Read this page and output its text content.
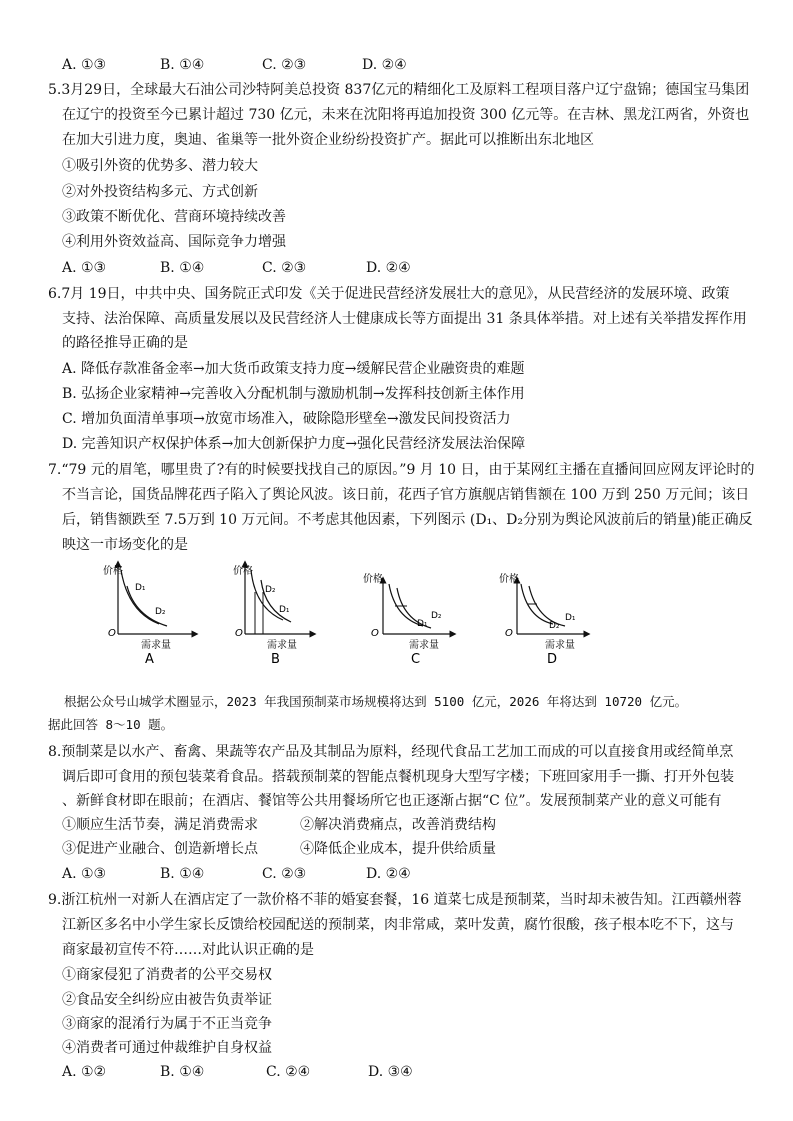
A. ①③	B. ①④	C. ②③	D. ②④
5.3月29日，全球最大石油公司沙特阿美总投资 837亿元的精细化工及原料工程项目落户辽宁盘锦；德国宝马集团
在辽宁的投资至今已累计超过 730 亿元，未来在沈阳将再追加投资 300 亿元等。在吉林、黑龙江两省，外资也
在加大引进力度，奥迪、雀巢等一批外资企业纷纷投资扩产。据此可以推断出东北地区
①吸引外资的优势多、潜力较大
②对外投资结构多元、方式创新
③政策不断优化、营商环境持续改善
④利用外资效益高、国际竞争力增强
A. ①③	B. ①④	C. ②③	D. ②④
6.7月 19日，中共中央、国务院正式印发《关于促进民营经济发展壮大的意见》，从民营经济的发展环境、政策
支持、法治保障、高质量发展以及民营经济人士健康成长等方面提出 31 条具体举措。对上述有关举措发挥作用
的路径推导正确的是
A. 降低存款准备金率→加大货币政策支持力度→缓解民营企业融资贵的难题
B. 弘扬企业家精神→完善收入分配机制与激励机制→发挥科技创新主体作用
C. 增加负面清单事项→放宽市场准入，破除隐形壁垒→激发民间投资活力
D. 完善知识产权保护体系→加大创新保护力度→强化民营经济发展法治保障
7.“79 元的眉笔，哪里贵了?有的时候要找找自己的原因。”9 月 10 日，由于某网红主播在直播间回应网友评论时的
不当言论，国货品牌花西子陷入了舆论风波。该日前，花西子官方旗舰店销售额在 100 万到 250 万元间；该日
后，销售额跌至 7.5万到 10 万元间。不考虑其他因素，下列图示 (D₁、D₂分别为舆论风波前后的销量)能正确反
映这一市场变化的是
价格
O
需求量
D₁
D₂
A
价格
O
需求量
D₂
D₁
B
价格
O
需求量
D₁
D₂
C
价格
O
需求量
D₂
D₁
D
根据公众号山城学术圈显示，2023 年我国预制菜市场规模将达到 5100 亿元，2026 年将达到 10720 亿元。
据此回答 8～10 题。
8.预制菜是以水产、畜禽、果蔬等农产品及其制品为原料，经现代食品工艺加工而成的可以直接食用或经简单烹
调后即可食用的预包装菜肴食品。搭载预制菜的智能点餐机现身大型写字楼；下班回家用手一撕、打开外包装
、新鲜食材即在眼前；在酒店、餐馆等公共用餐场所它也正逐渐占据“C 位”。发展预制菜产业的意义可能有
①顺应生活节奏，满足消费需求	②解决消费痛点，改善消费结构
③促进产业融合、创造新增长点	④降低企业成本，提升供给质量
A. ①③	B. ①④	C. ②③	D. ②④
9.浙江杭州一对新人在酒店定了一款价格不菲的婚宴套餐，16 道菜七成是预制菜，当时却未被告知。江西赣州蓉
江新区多名中小学生家长反馈给校园配送的预制菜，肉非常咸，菜叶发黄，腐竹很酸，孩子根本吃不下，这与
商家最初宣传不符……对此认识正确的是
①商家侵犯了消费者的公平交易权
②食品安全纠纷应由被告负责举证
③商家的混淆行为属于不正当竞争
④消费者可通过仲裁维护自身权益
A. ①②	B. ①④	C. ②④	D. ③④
